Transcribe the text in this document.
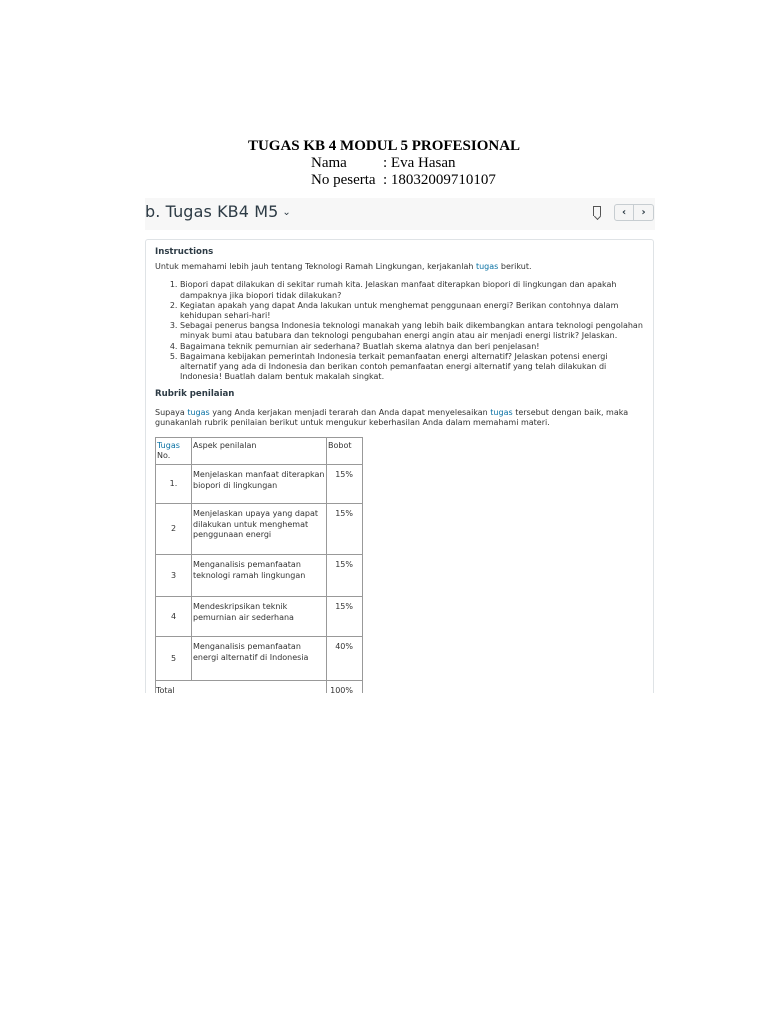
TUGAS KB 4 MODUL 5 PROFESIONAL

Nama : Eva Hasan
No peserta : 18032009710107
b. Tugas KB4 M5 ⌄	‹	›

Instructions

Untuk memahami lebih jauh tentang Teknologi Ramah Lingkungan, kerjakanlah tugas berikut.

1. Biopori dapat dilakukan di sekitar rumah kita. Jelaskan manfaat diterapkan biopori di lingkungan dan apakah dampaknya jika biopori tidak dilakukan?
2. Kegiatan apakah yang dapat Anda lakukan untuk menghemat penggunaan energi? Berikan contohnya dalam kehidupan sehari-hari!
3. Sebagai penerus bangsa Indonesia teknologi manakah yang lebih baik dikembangkan antara teknologi pengolahan minyak bumi atau batubara dan teknologi pengubahan energi angin atau air menjadi energi listrik? Jelaskan.
4. Bagaimana teknik pemurnian air sederhana? Buatlah skema alatnya dan beri penjelasan!
5. Bagaimana kebijakan pemerintah Indonesia terkait pemanfaatan energi alternatif? Jelaskan potensi energi alternatif yang ada di Indonesia dan berikan contoh pemanfaatan energi alternatif yang telah dilakukan di Indonesia! Buatlah dalam bentuk makalah singkat.

Rubrik penilaian

Supaya tugas yang Anda kerjakan menjadi terarah dan Anda dapat menyelesaikan tugas tersebut dengan baik, maka gunakanlah rubrik penilaian berikut untuk mengukur keberhasilan Anda dalam memahami materi.

Tugas No.	Aspek penilalan	Bobot
1.	Menjelaskan manfaat diterapkan biopori di lingkungan	15%
2	Menjelaskan upaya yang dapat dilakukan untuk menghemat penggunaan energi	15%
3	Menganalisis pemanfaatan teknologi ramah lingkungan	15%
4	Mendeskripsikan teknik pemurnian air sederhana	15%
5	Menganalisis pemanfaatan energi alternatif di Indonesia	40%
Total		100%
